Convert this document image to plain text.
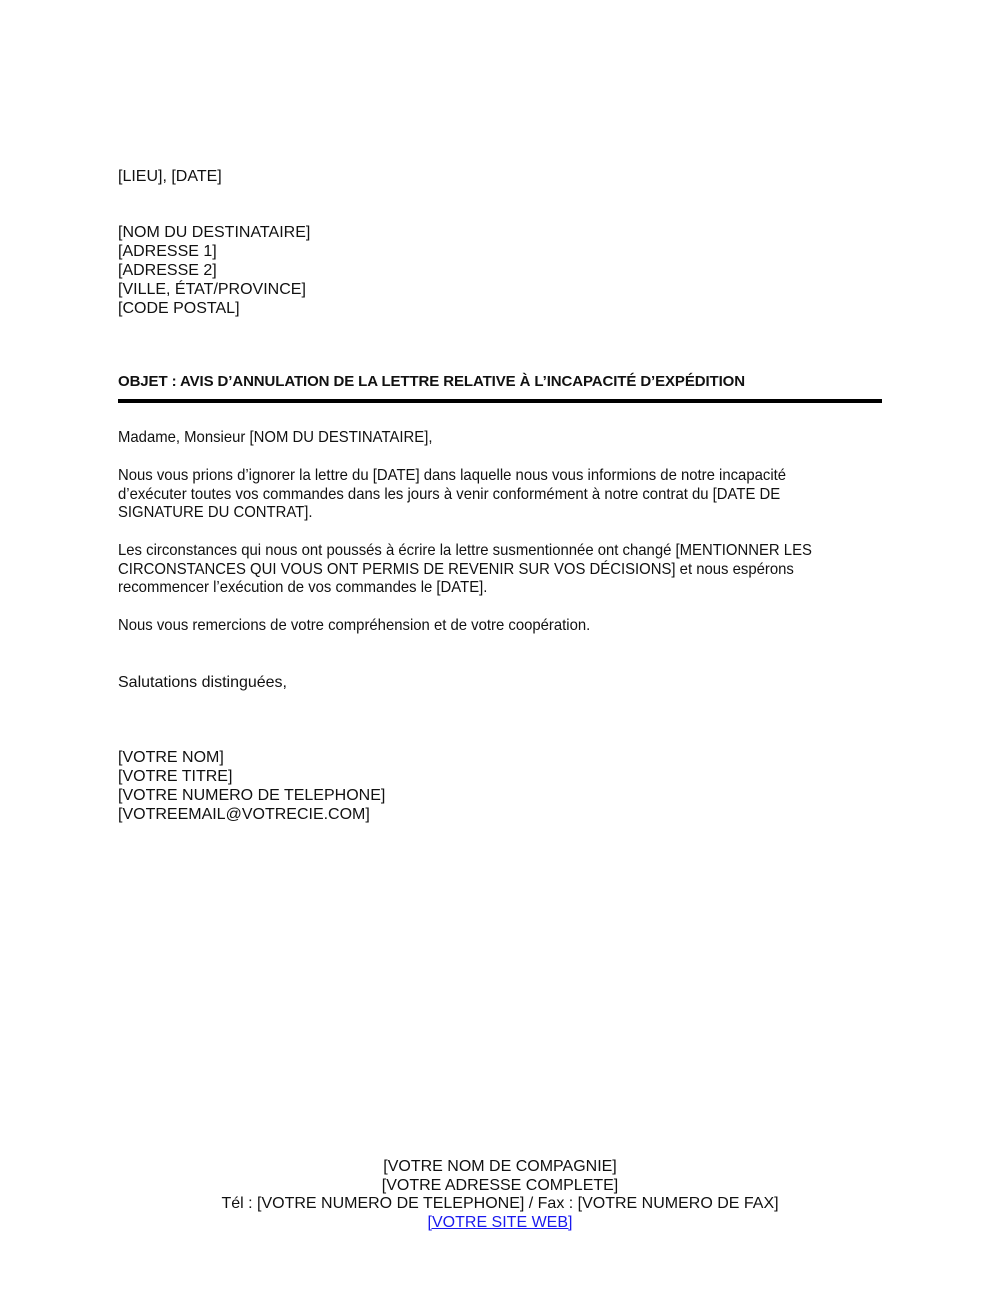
[LIEU], [DATE]
[NOM DU DESTINATAIRE]
[ADRESSE 1]
[ADRESSE 2]
[VILLE, ÉTAT/PROVINCE]
[CODE POSTAL]
OBJET : AVIS D’ANNULATION DE LA LETTRE RELATIVE À L’INCAPACITÉ D’EXPÉDITION
Madame, Monsieur [NOM DU DESTINATAIRE],
Nous vous prions d’ignorer la lettre du [DATE] dans laquelle nous vous informions de notre incapacité
d’exécuter toutes vos commandes dans les jours à venir conformément à notre contrat du [DATE DE
SIGNATURE DU CONTRAT].
Les circonstances qui nous ont poussés à écrire la lettre susmentionnée ont changé [MENTIONNER LES
CIRCONSTANCES QUI VOUS ONT PERMIS DE REVENIR SUR VOS DÉCISIONS] et nous espérons
recommencer l’exécution de vos commandes le [DATE].
Nous vous remercions de votre compréhension et de votre coopération.
Salutations distinguées,
[VOTRE NOM]
[VOTRE TITRE]
[VOTRE NUMERO DE TELEPHONE]
[VOTREEMAIL@VOTRECIE.COM]
[VOTRE NOM DE COMPAGNIE]
[VOTRE ADRESSE COMPLETE]
Tél : [VOTRE NUMERO DE TELEPHONE] / Fax : [VOTRE NUMERO DE FAX]
[VOTRE SITE WEB]
